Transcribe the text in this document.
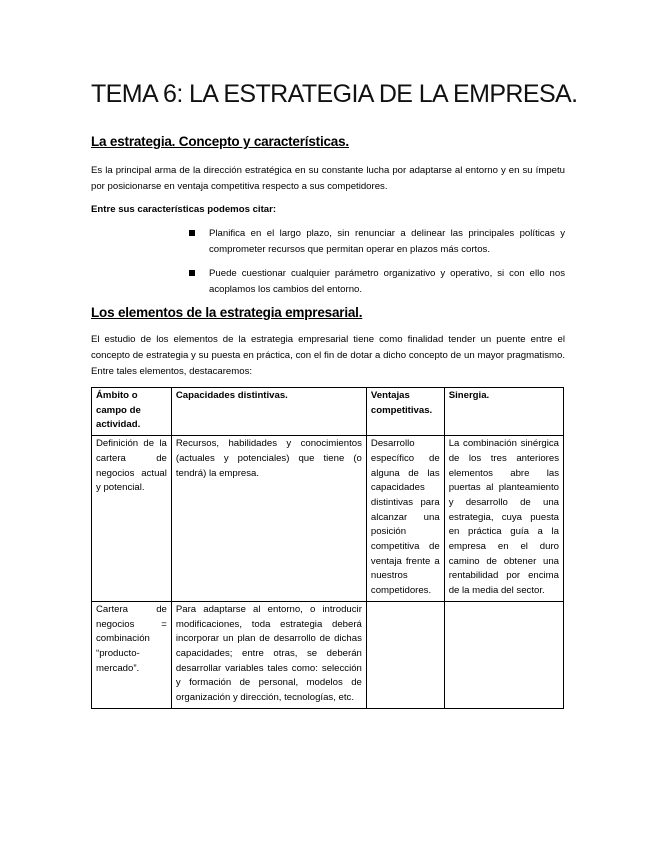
TEMA 6: LA ESTRATEGIA DE LA EMPRESA.
La estrategia. Concepto y características.

Es la principal arma de la dirección estratégica en su constante lucha por adaptarse al entorno y en su ímpetu por posicionarse en ventaja competitiva respecto a sus competidores.

Entre sus características podemos citar:

Planifica en el largo plazo, sin renunciar a delinear las principales políticas y comprometer recursos que permitan operar en plazos más cortos.
Puede cuestionar cualquier parámetro organizativo y operativo, si con ello nos acoplamos los cambios del entorno.
Los elementos de la estrategia empresarial.

El estudio de los elementos de la estrategia empresarial tiene como finalidad tender un puente entre el concepto de estrategia y su puesta en práctica, con el fin de dotar a dicho concepto de un mayor pragmatismo. Entre tales elementos, destacaremos:

Ámbito o campo de actividad.	Capacidades distintivas.	Ventajas competitivas.	Sinergia.
Definición de la cartera de negocios actual y potencial.	Recursos, habilidades y conocimientos (actuales y potenciales) que tiene (o tendrá) la empresa.	Desarrollo específico de alguna de las capacidades distintivas para alcanzar una posición competitiva de ventaja frente a nuestros competidores.	La combinación sinérgica de los tres anteriores elementos abre las puertas al planteamiento y desarrollo de una estrategia, cuya puesta en práctica guía a la empresa en el duro camino de obtener una rentabilidad por encima de la media del sector.
Cartera de negocios = combinación “producto-mercado”.	Para adaptarse al entorno, o introducir modificaciones, toda estrategia deberá incorporar un plan de desarrollo de dichas capacidades; entre otras, se deberán desarrollar variables tales como: selección y formación de personal, modelos de organización y dirección, tecnologías, etc.		
